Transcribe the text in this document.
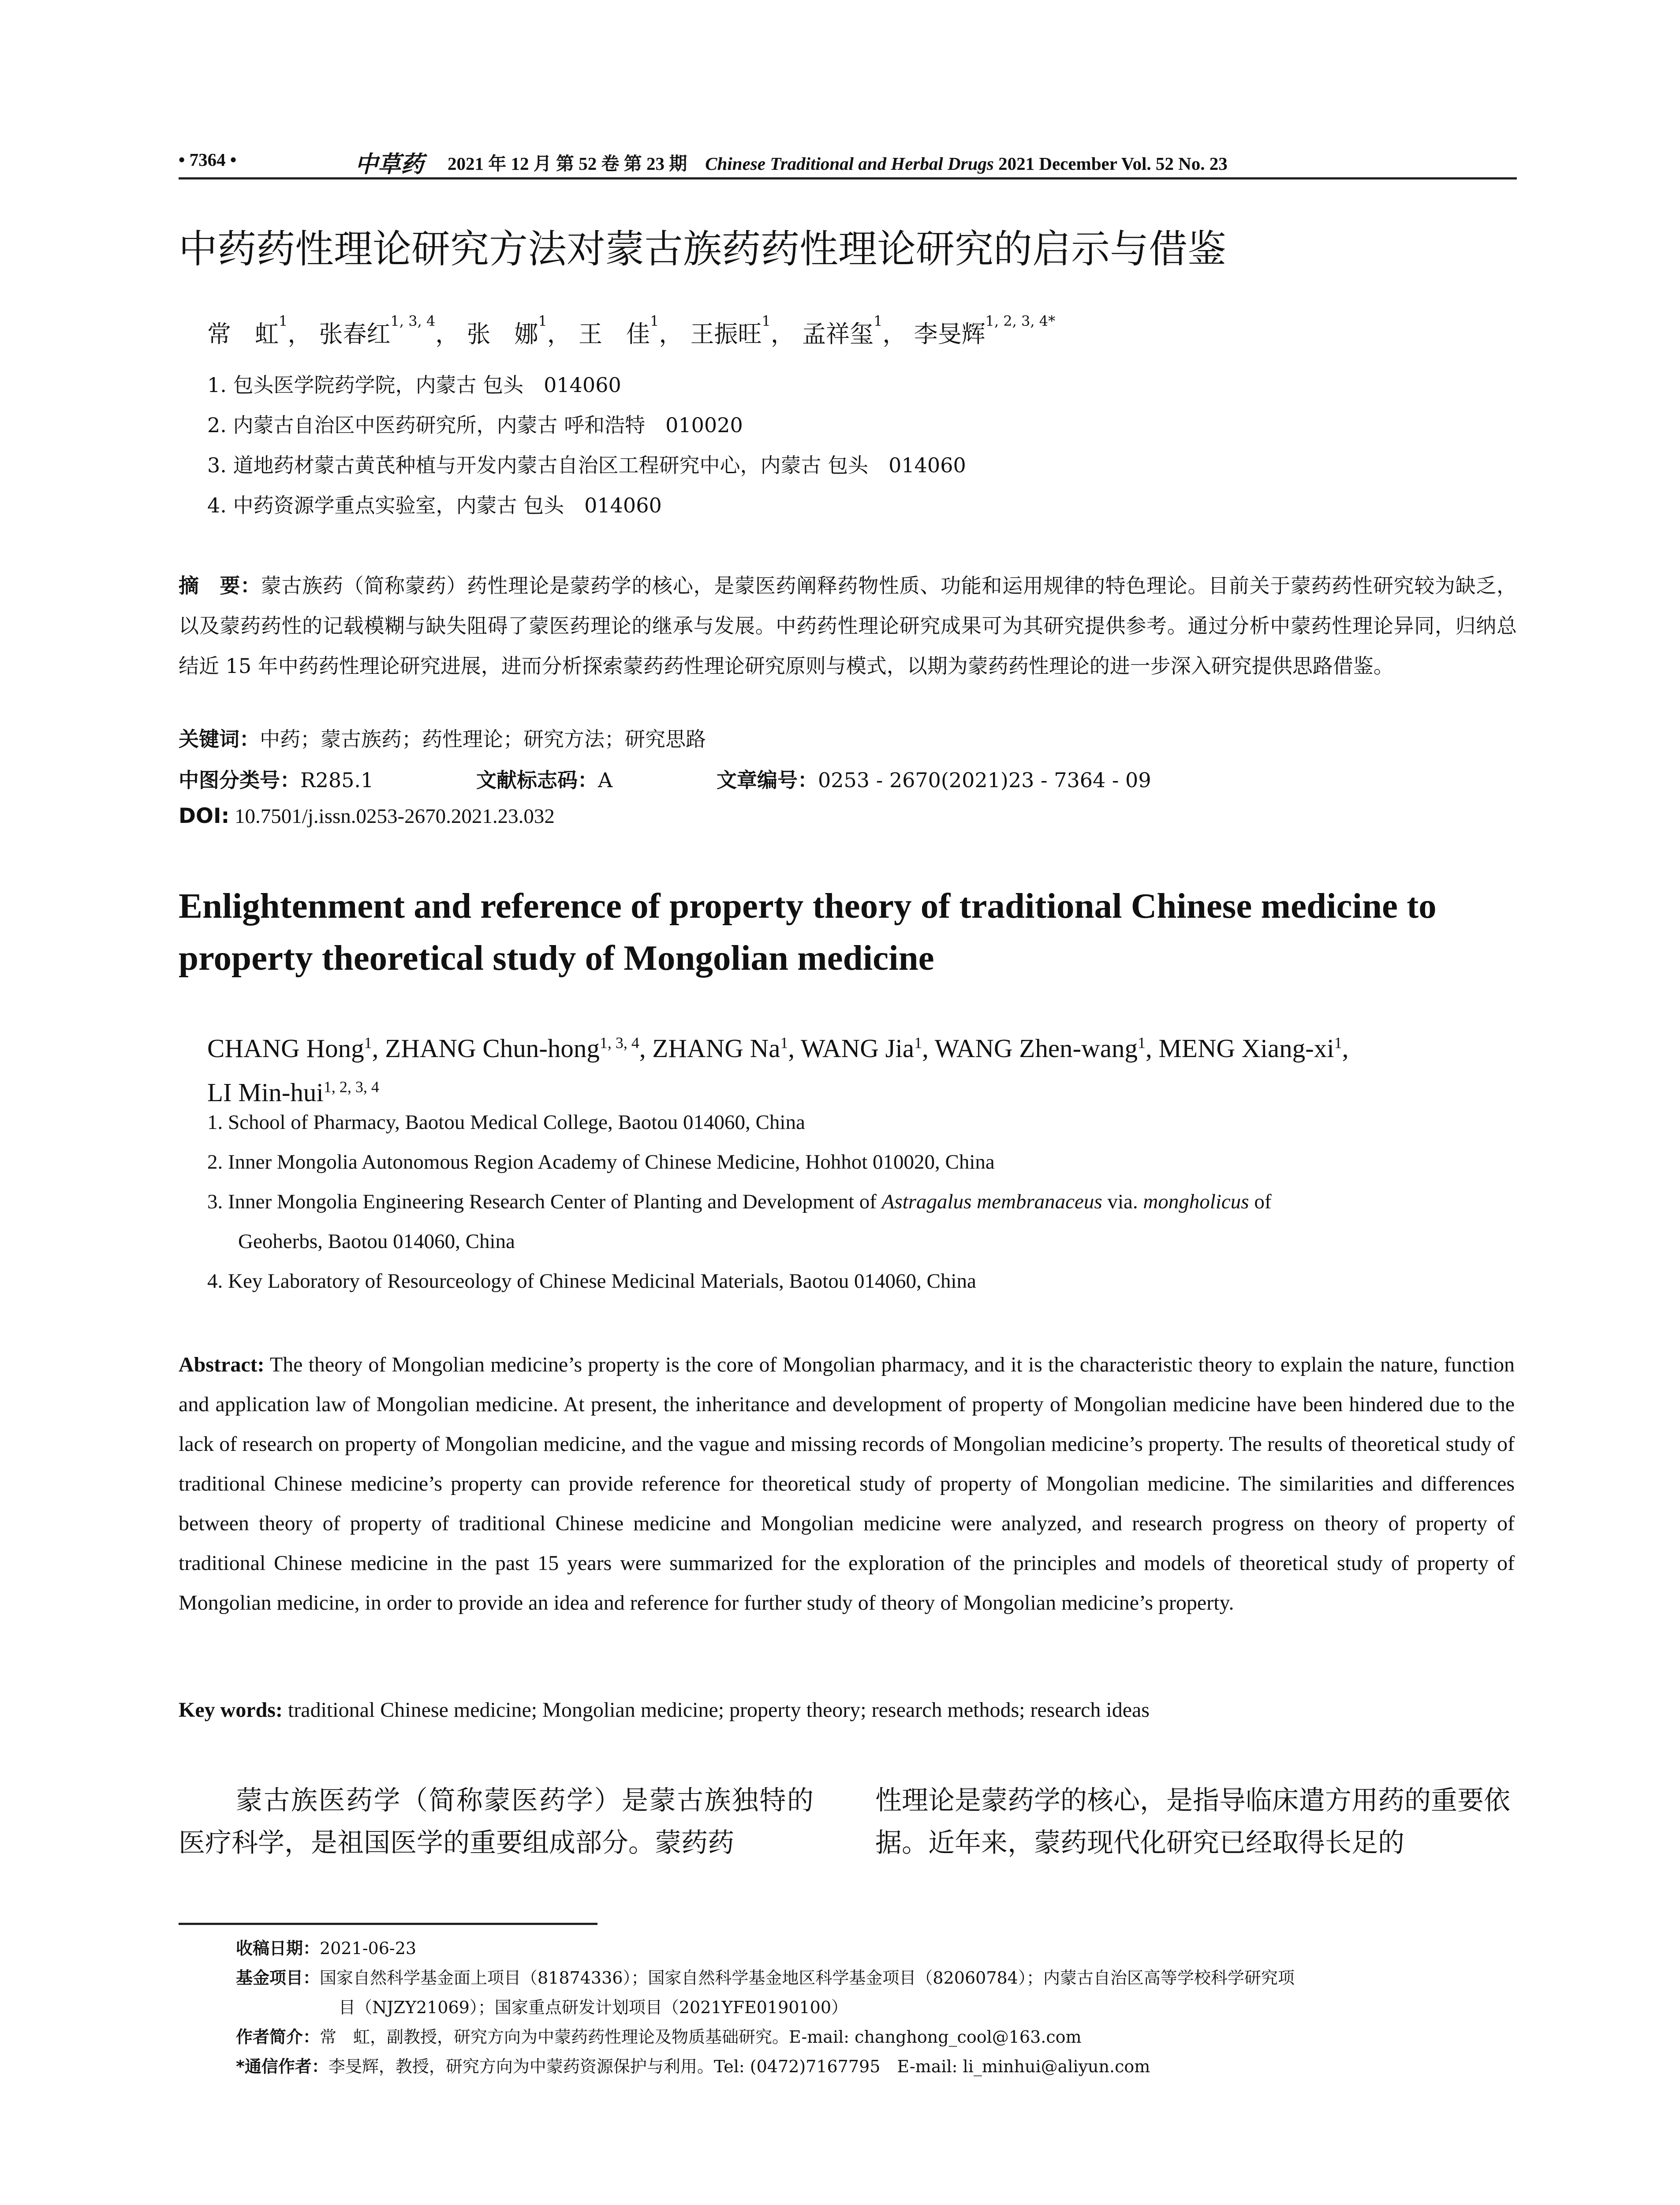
• 7364 •	中草药 2021 年 12 月 第 52 卷 第 23 期　 Chinese Traditional and Herbal Drugs 2021 December Vol. 52 No. 23
中药药性理论研究方法对蒙古族药药性理论研究的启示与借鉴
常　虹$^1$， 张春红$^{1, 3, 4}$， 张　娜$^1$， 王　佳$^1$， 王振旺$^1$， 孟祥玺$^1$， 李旻辉$^{1, 2, 3, 4*}$
1. 包头医学院药学院，内蒙古 包头　014060
2. 内蒙古自治区中医药研究所，内蒙古 呼和浩特　010020
3. 道地药材蒙古黄芪种植与开发内蒙古自治区工程研究中心，内蒙古 包头　014060
4. 中药资源学重点实验室，内蒙古 包头　014060
摘　要：蒙古族药（简称蒙药）药性理论是蒙药学的核心，是蒙医药阐释药物性质、功能和运用规律的特色理论。目前关于蒙药药性研究较为缺乏，以及蒙药药性的记载模糊与缺失阻碍了蒙医药理论的继承与发展。中药药性理论研究成果可为其研究提供参考。通过分析中蒙药性理论异同，归纳总结近 15 年中药药性理论研究进展，进而分析探索蒙药药性理论研究原则与模式，以期为蒙药药性理论的进一步深入研究提供思路借鉴。
关键词：中药；蒙古族药；药性理论；研究方法；研究思路
中图分类号：R285.1	文献标志码：A	文章编号：0253 - 2670(2021)23 - 7364 - 09
DOI: 10.7501/j.issn.0253-2670.2021.23.032
Enlightenment and reference of property theory of traditional Chinese medicine to property theoretical study of Mongolian medicine
CHANG Hong$^1$, ZHANG Chun-hong$^{1, 3, 4}$, ZHANG Na$^1$, WANG Jia$^1$, WANG Zhen-wang$^1$, MENG Xiang-$xi^1$,
LI Min-hui$^{1, 2, 3, 4}$
1. School of Pharmacy, Baotou Medical College, Baotou 014060, China
2. Inner Mongolia Autonomous Region Academy of Chinese Medicine, Hohhot 010020, China
3. Inner Mongolia Engineering Research Center of Planting and Development of Astragalus membranaceus via. mongholicus of
Geoherbs, Baotou 014060, China
4. Key Laboratory of Resourceology of Chinese Medicinal Materials, Baotou 014060, China
Abstract: The theory of Mongolian medicine’s property is the core of Mongolian pharmacy, and it is the characteristic theory to explain the nature, function and application law of Mongolian medicine. At present, the inheritance and development of property of Mongolian medicine have been hindered due to the lack of research on property of Mongolian medicine, and the vague and missing records of Mongolian medicine’s property. The results of theoretical study of traditional Chinese medicine’s property can provide reference for theoretical study of property of Mongolian medicine. The similarities and differences between theory of property of traditional Chinese medicine and Mongolian medicine were analyzed, and research progress on theory of property of traditional Chinese medicine in the past 15 years were summarized for the exploration of the principles and models of theoretical study of property of Mongolian medicine, in order to provide an idea and reference for further study of theory of Mongolian medicine’s property.
Key words: traditional Chinese medicine; Mongolian medicine; property theory; research methods; research ideas
蒙古族医药学（简称蒙医药学）是蒙古族独特的医疗科学，是祖国医学的重要组成部分。蒙药药
性理论是蒙药学的核心，是指导临床遣方用药的重要依据。近年来，蒙药现代化研究已经取得长足的
收稿日期：2021-06-23
基金项目：国家自然科学基金面上项目（81874336）；国家自然科学基金地区科学基金项目（82060784）；内蒙古自治区高等学校科学研究项
目（NJZY21069）；国家重点研发计划项目（2021YFE0190100）
作者简介：常　虹，副教授，研究方向为中蒙药药性理论及物质基础研究。E-mail: changhong_cool@163.com
*通信作者：李旻辉，教授，研究方向为中蒙药资源保护与利用。Tel: (0472)7167795　E-mail: li_minhui@aliyun.com
